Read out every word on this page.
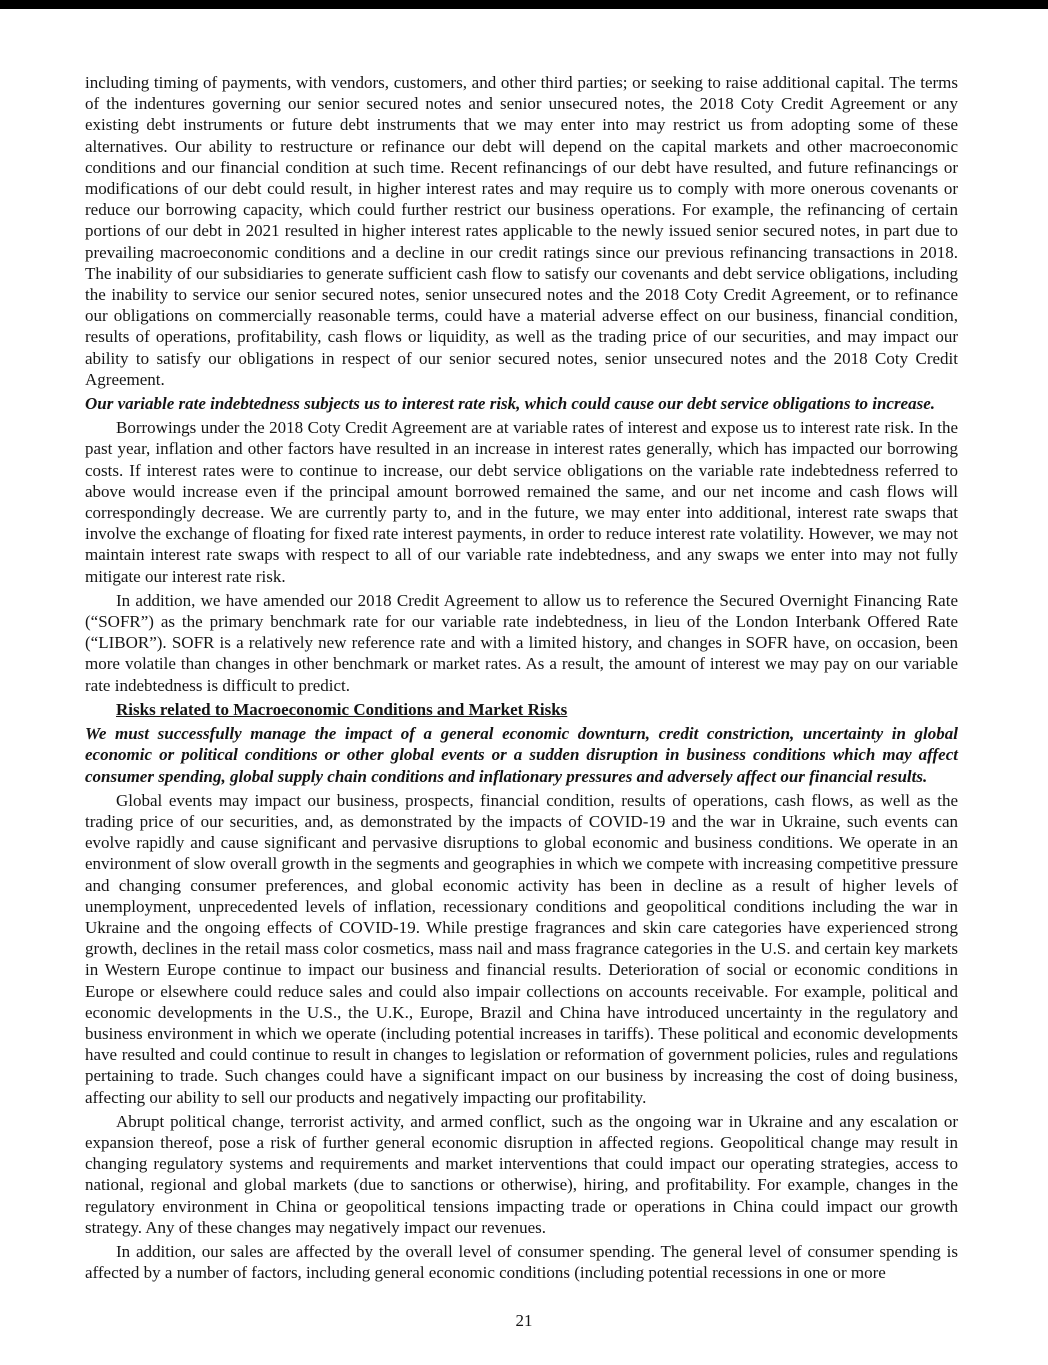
including timing of payments, with vendors, customers, and other third parties; or seeking to raise additional capital. The terms of the indentures governing our senior secured notes and senior unsecured notes, the 2018 Coty Credit Agreement or any existing debt instruments or future debt instruments that we may enter into may restrict us from adopting some of these alternatives. Our ability to restructure or refinance our debt will depend on the capital markets and other macroeconomic conditions and our financial condition at such time. Recent refinancings of our debt have resulted, and future refinancings or modifications of our debt could result, in higher interest rates and may require us to comply with more onerous covenants or reduce our borrowing capacity, which could further restrict our business operations. For example, the refinancing of certain portions of our debt in 2021 resulted in higher interest rates applicable to the newly issued senior secured notes, in part due to prevailing macroeconomic conditions and a decline in our credit ratings since our previous refinancing transactions in 2018. The inability of our subsidiaries to generate sufficient cash flow to satisfy our covenants and debt service obligations, including the inability to service our senior secured notes, senior unsecured notes and the 2018 Coty Credit Agreement, or to refinance our obligations on commercially reasonable terms, could have a material adverse effect on our business, financial condition, results of operations, profitability, cash flows or liquidity, as well as the trading price of our securities, and may impact our ability to satisfy our obligations in respect of our senior secured notes, senior unsecured notes and the 2018 Coty Credit Agreement.

Our variable rate indebtedness subjects us to interest rate risk, which could cause our debt service obligations to increase.

Borrowings under the 2018 Coty Credit Agreement are at variable rates of interest and expose us to interest rate risk. In the past year, inflation and other factors have resulted in an increase in interest rates generally, which has impacted our borrowing costs. If interest rates were to continue to increase, our debt service obligations on the variable rate indebtedness referred to above would increase even if the principal amount borrowed remained the same, and our net income and cash flows will correspondingly decrease. We are currently party to, and in the future, we may enter into additional, interest rate swaps that involve the exchange of floating for fixed rate interest payments, in order to reduce interest rate volatility. However, we may not maintain interest rate swaps with respect to all of our variable rate indebtedness, and any swaps we enter into may not fully mitigate our interest rate risk.

In addition, we have amended our 2018 Credit Agreement to allow us to reference the Secured Overnight Financing Rate (“SOFR”) as the primary benchmark rate for our variable rate indebtedness, in lieu of the London Interbank Offered Rate (“LIBOR”). SOFR is a relatively new reference rate and with a limited history, and changes in SOFR have, on occasion, been more volatile than changes in other benchmark or market rates. As a result, the amount of interest we may pay on our variable rate indebtedness is difficult to predict.

Risks related to Macroeconomic Conditions and Market Risks

We must successfully manage the impact of a general economic downturn, credit constriction, uncertainty in global economic or political conditions or other global events or a sudden disruption in business conditions which may affect consumer spending, global supply chain conditions and inflationary pressures and adversely affect our financial results.

Global events may impact our business, prospects, financial condition, results of operations, cash flows, as well as the trading price of our securities, and, as demonstrated by the impacts of COVID-19 and the war in Ukraine, such events can evolve rapidly and cause significant and pervasive disruptions to global economic and business conditions. We operate in an environment of slow overall growth in the segments and geographies in which we compete with increasing competitive pressure and changing consumer preferences, and global economic activity has been in decline as a result of higher levels of unemployment, unprecedented levels of inflation, recessionary conditions and geopolitical conditions including the war in Ukraine and the ongoing effects of COVID-19. While prestige fragrances and skin care categories have experienced strong growth, declines in the retail mass color cosmetics, mass nail and mass fragrance categories in the U.S. and certain key markets in Western Europe continue to impact our business and financial results. Deterioration of social or economic conditions in Europe or elsewhere could reduce sales and could also impair collections on accounts receivable. For example, political and economic developments in the U.S., the U.K., Europe, Brazil and China have introduced uncertainty in the regulatory and business environment in which we operate (including potential increases in tariffs). These political and economic developments have resulted and could continue to result in changes to legislation or reformation of government policies, rules and regulations pertaining to trade. Such changes could have a significant impact on our business by increasing the cost of doing business, affecting our ability to sell our products and negatively impacting our profitability.

Abrupt political change, terrorist activity, and armed conflict, such as the ongoing war in Ukraine and any escalation or expansion thereof, pose a risk of further general economic disruption in affected regions. Geopolitical change may result in changing regulatory systems and requirements and market interventions that could impact our operating strategies, access to national, regional and global markets (due to sanctions or otherwise), hiring, and profitability. For example, changes in the regulatory environment in China or geopolitical tensions impacting trade or operations in China could impact our growth strategy. Any of these changes may negatively impact our revenues.

In addition, our sales are affected by the overall level of consumer spending. The general level of consumer spending is affected by a number of factors, including general economic conditions (including potential recessions in one or more

21
